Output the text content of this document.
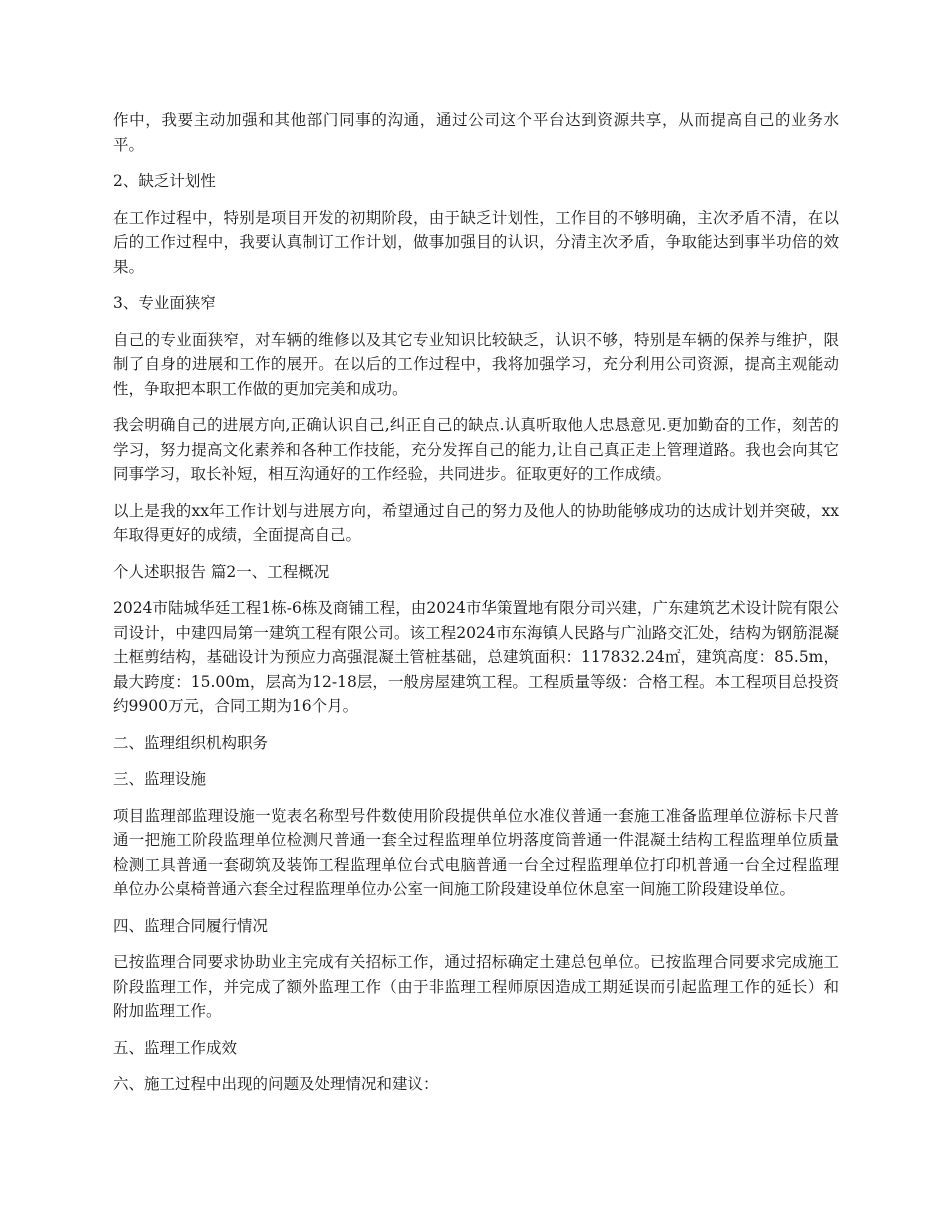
作中，我要主动加强和其他部门同事的沟通，通过公司这个平台达到资源共享，从而提高自己的业务水平。

2、缺乏计划性

在工作过程中，特别是项目开发的初期阶段，由于缺乏计划性，工作目的不够明确，主次矛盾不清，在以后的工作过程中，我要认真制订工作计划，做事加强目的认识，分清主次矛盾，争取能达到事半功倍的效果。

3、专业面狭窄

自己的专业面狭窄，对车辆的维修以及其它专业知识比较缺乏，认识不够，特别是车辆的保养与维护，限制了自身的进展和工作的展开。在以后的工作过程中，我将加强学习，充分利用公司资源，提高主观能动性，争取把本职工作做的更加完美和成功。

我会明确自己的进展方向,正确认识自己,纠正自己的缺点.认真听取他人忠恳意见.更加勤奋的工作，刻苦的学习，努力提高文化素养和各种工作技能，充分发挥自己的能力,让自己真正走上管理道路。我也会向其它同事学习，取长补短，相互沟通好的工作经验，共同进步。征取更好的工作成绩。

以上是我的xx年工作计划与进展方向，希望通过自己的努力及他人的协助能够成功的达成计划并突破，xx年取得更好的成绩，全面提高自己。

个人述职报告 篇2一、工程概况

2024市陆城华廷工程1栋-6栋及商铺工程，由2024市华策置地有限分司兴建，广东建筑艺术设计院有限公司设计，中建四局第一建筑工程有限公司。该工程2024市东海镇人民路与广汕路交汇处，结构为钢筋混凝土框剪结构，基础设计为预应力高强混凝土管桩基础，总建筑面积：117832.24㎡，建筑高度：85.5m，最大跨度：15.00m，层高为12-18层，一般房屋建筑工程。工程质量等级：合格工程。本工程项目总投资约9900万元，合同工期为16个月。

二、监理组织机构职务

三、监理设施

项目监理部监理设施一览表名称型号件数使用阶段提供单位水准仪普通一套施工准备监理单位游标卡尺普通一把施工阶段监理单位检测尺普通一套全过程监理单位坍落度筒普通一件混凝土结构工程监理单位质量检测工具普通一套砌筑及装饰工程监理单位台式电脑普通一台全过程监理单位打印机普通一台全过程监理单位办公桌椅普通六套全过程监理单位办公室一间施工阶段建设单位休息室一间施工阶段建设单位。

四、监理合同履行情况

已按监理合同要求协助业主完成有关招标工作，通过招标确定土建总包单位。已按监理合同要求完成施工阶段监理工作，并完成了额外监理工作（由于非监理工程师原因造成工期延误而引起监理工作的延长）和附加监理工作。

五、监理工作成效

六、施工过程中出现的问题及处理情况和建议：
